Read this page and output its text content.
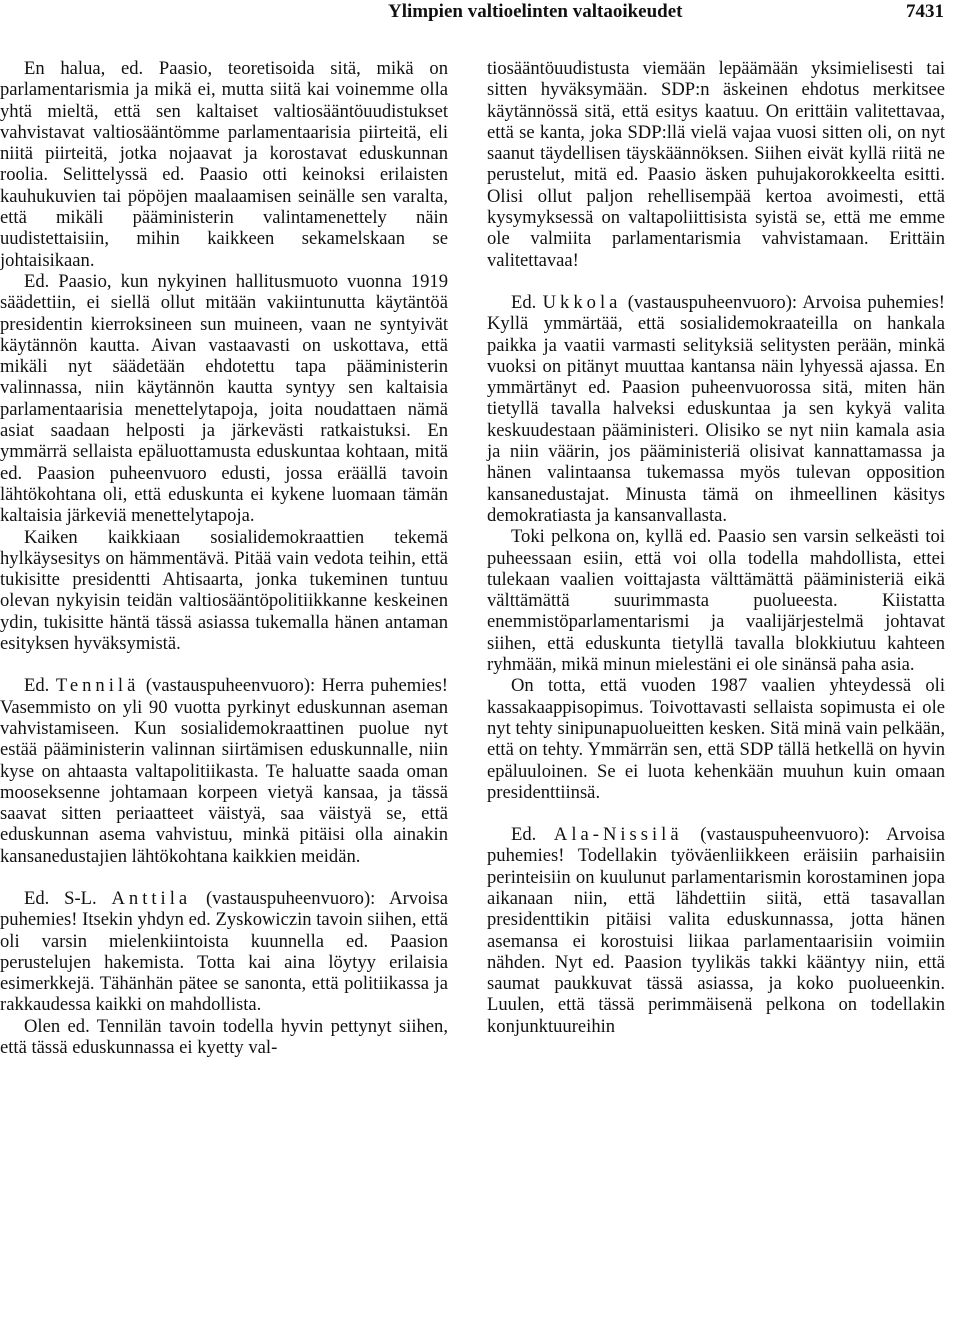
Ylimpien valtioelinten valtaoikeudet	7431

En halua, ed. Paasio, teoretisoida sitä, mikä on parlamentarismia ja mikä ei, mutta siitä kai voinemme olla yhtä mieltä, että sen kaltaiset valtiosääntöuudistukset vahvistavat valtiosääntömme parlamentaarisia piirteitä, eli niitä piirteitä, jotka nojaavat ja korostavat eduskunnan roolia. Selittelyssä ed. Paasio otti keinoksi erilaisten kauhukuvien tai pöpöjen maalaamisen seinälle sen varalta, että mikäli pääministerin valintamenettely näin uudistettaisiin, mihin kaikkeen sekamelskaan se johtaisikaan.

Ed. Paasio, kun nykyinen hallitusmuoto vuonna 1919 säädettiin, ei siellä ollut mitään vakiintunutta käytäntöä presidentin kierroksineen sun muineen, vaan ne syntyivät käytännön kautta. Aivan vastaavasti on uskottava, että mikäli nyt säädetään ehdotettu tapa pääministerin valinnassa, niin käytännön kautta syntyy sen kaltaisia parlamentaarisia menettelytapoja, joita noudattaen nämä asiat saadaan helposti ja järkevästi ratkaistuksi. En ymmärrä sellaista epäluottamusta eduskuntaa kohtaan, mitä ed. Paasion puheenvuoro edusti, jossa eräällä tavoin lähtökohtana oli, että eduskunta ei kykene luomaan tämän kaltaisia järkeviä menettelytapoja.

Kaiken kaikkiaan sosialidemokraattien tekemä hylkäysesitys on hämmentävä. Pitää vain vedota teihin, että tukisitte presidentti Ahtisaarta, jonka tukeminen tuntuu olevan nykyisin teidän valtiosääntöpolitiikkanne keskeinen ydin, tukisitte häntä tässä asiassa tukemalla hänen antaman esityksen hyväksymistä.

Ed. Tennilä (vastauspuheenvuoro): Herra puhemies! Vasemmisto on yli 90 vuotta pyrkinyt eduskunnan aseman vahvistamiseen. Kun sosialidemokraattinen puolue nyt estää pääministerin valinnan siirtämisen eduskunnalle, niin kyse on ahtaasta valtapolitiikasta. Te haluatte saada oman mooseksenne johtamaan korpeen vietyä kansaa, ja tässä saavat sitten periaatteet väistyä, saa väistyä se, että eduskunnan asema vahvistuu, minkä pitäisi olla ainakin kansanedustajien lähtökohtana kaikkien meidän.

Ed. S-L. Anttila (vastauspuheenvuoro): Arvoisa puhemies! Itsekin yhdyn ed. Zyskowiczin tavoin siihen, että oli varsin mielenkiintoista kuunnella ed. Paasion perustelujen hakemista. Totta kai aina löytyy erilaisia esimerkkejä. Tähänhän pätee se sanonta, että politiikassa ja rakkaudessa kaikki on mahdollista.

Olen ed. Tennilän tavoin todella hyvin pettynyt siihen, että tässä eduskunnassa ei kyetty val-

tiosääntöuudistusta viemään lepäämään yksimielisesti tai sitten hyväksymään. SDP:n äskeinen ehdotus merkitsee käytännössä sitä, että esitys kaatuu. On erittäin valitettavaa, että se kanta, joka SDP:llä vielä vajaa vuosi sitten oli, on nyt saanut täydellisen täyskäännöksen. Siihen eivät kyllä riitä ne perustelut, mitä ed. Paasio äsken puhujakorokkeelta esitti. Olisi ollut paljon rehellisempää kertoa avoimesti, että kysymyksessä on valtapoliittisista syistä se, että me emme ole valmiita parlamentarismia vahvistamaan. Erittäin valitettavaa!

Ed. Ukkola (vastauspuheenvuoro): Arvoisa puhemies! Kyllä ymmärtää, että sosialidemokraateilla on hankala paikka ja vaatii varmasti selityksiä selitysten perään, minkä vuoksi on pitänyt muuttaa kantansa näin lyhyessä ajassa. En ymmärtänyt ed. Paasion puheenvuorossa sitä, miten hän tietyllä tavalla halveksi eduskuntaa ja sen kykyä valita keskuudestaan pääministeri. Olisiko se nyt niin kamala asia ja niin väärin, jos pääministeriä olisivat kannattamassa ja hänen valintaansa tukemassa myös tulevan opposition kansanedustajat. Minusta tämä on ihmeellinen käsitys demokratiasta ja kansanvallasta.

Toki pelkona on, kyllä ed. Paasio sen varsin selkeästi toi puheessaan esiin, että voi olla todella mahdollista, ettei tulekaan vaalien voittajasta välttämättä pääministeriä eikä välttämättä suurimmasta puolueesta. Kiistatta enemmistöparlamentarismi ja vaalijärjestelmä johtavat siihen, että eduskunta tietyllä tavalla blokkiutuu kahteen ryhmään, mikä minun mielestäni ei ole sinänsä paha asia.

On totta, että vuoden 1987 vaalien yhteydessä oli kassakaappisopimus. Toivottavasti sellaista sopimusta ei ole nyt tehty sinipunapuolueitten kesken. Sitä minä vain pelkään, että on tehty. Ymmärrän sen, että SDP tällä hetkellä on hyvin epäluuloinen. Se ei luota kehenkään muuhun kuin omaan presidenttiinsä.

Ed. Ala-Nissilä (vastauspuheenvuoro): Arvoisa puhemies! Todellakin työväenliikkeen eräisiin parhaisiin perinteisiin on kuulunut parlamentarismin korostaminen jopa aikanaan niin, että lähdettiin siitä, että tasavallan presidenttikin pitäisi valita eduskunnassa, jotta hänen asemansa ei korostuisi liikaa parlamentaarisiin voimiin nähden. Nyt ed. Paasion tyylikäs takki kääntyy niin, että saumat paukkuvat tässä asiassa, ja koko puolueenkin. Luulen, että tässä perimmäisenä pelkona on todellakin konjunktuureihin
